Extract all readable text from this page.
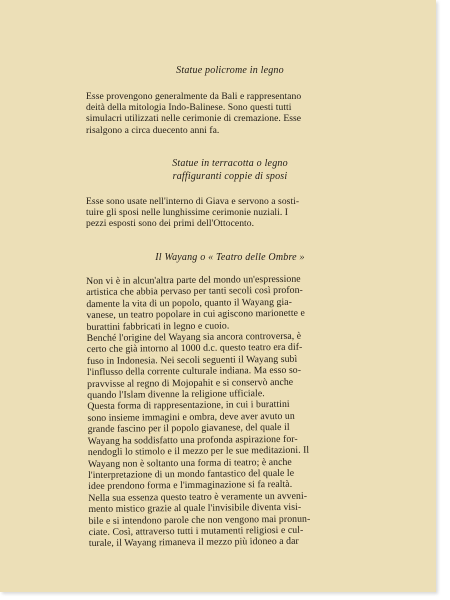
Statue policrome in legno

Esse provengono generalmente da Bali e rappresentano
deità della mitologia Indo-Balinese. Sono questi tutti
simulacri utilizzati nelle cerimonie di cremazione. Esse
risalgono a circa duecento anni fa.

Statue in terracotta o legno
raffiguranti coppie di sposi

Esse sono usate nell'interno di Giava e servono a sosti-
tuire gli sposi nelle lunghissime cerimonie nuziali. I
pezzi esposti sono dei primi dell'Ottocento.

Il Wayang o « Teatro delle Ombre »

Non vi è in alcun'altra parte del mondo un'espressione
artistica che abbia pervaso per tanti secoli così profon-
damente la vita di un popolo, quanto il Wayang gia-
vanese, un teatro popolare in cui agiscono marionette e
burattini fabbricati in legno e cuoio.
Benché l'origine del Wayang sia ancora controversa, è
certo che già intorno al 1000 d.c. questo teatro era dif-
fuso in Indonesia. Nei secoli seguenti il Wayang subì
l'influsso della corrente culturale indiana. Ma esso so-
pravvisse al regno di Mojopahit e si conservò anche
quando l'Islam divenne la religione ufficiale.
Questa forma di rappresentazione, in cui i burattini
sono insieme immagini e ombra, deve aver avuto un
grande fascino per il popolo giavanese, del quale il
Wayang ha soddisfatto una profonda aspirazione for-
nendogli lo stimolo e il mezzo per le sue meditazioni. Il
Wayang non è soltanto una forma di teatro; è anche
l'interpretazione di un mondo fantastico del quale le
idee prendono forma e l'immaginazione si fa realtà.
Nella sua essenza questo teatro è veramente un avveni-
mento mistico grazie al quale l'invisibile diventa visi-
bile e si intendono parole che non vengono mai pronun-
ciate. Così, attraverso tutti i mutamenti religiosi e cul-
turale, il Wayang rimaneva il mezzo più idoneo a dar
